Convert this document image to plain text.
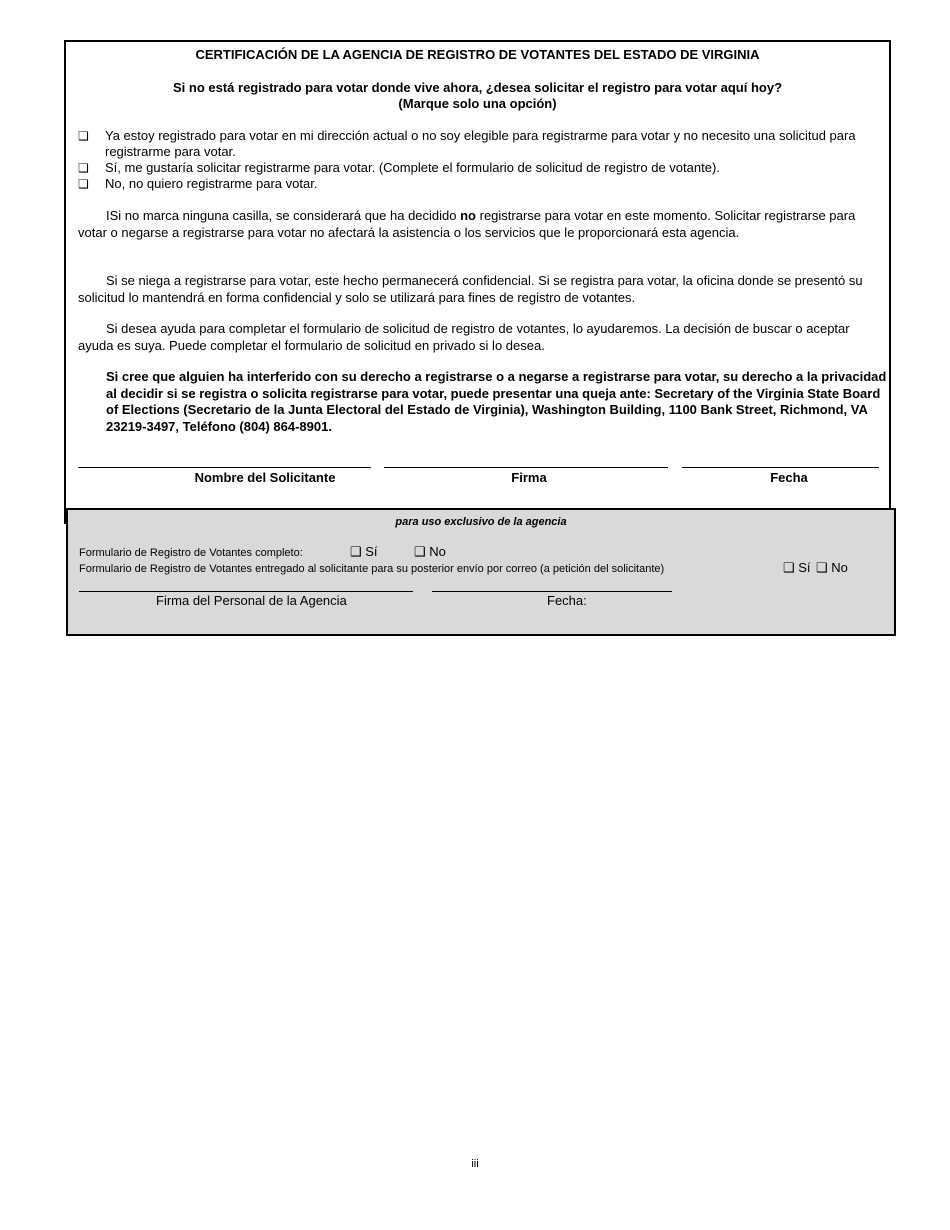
CERTIFICACIÓN DE LA AGENCIA DE REGISTRO DE VOTANTES DEL ESTADO DE VIRGINIA
Si no está registrado para votar donde vive ahora, ¿desea solicitar el registro para votar aquí hoy?
(Marque solo una opción)
❑	Ya estoy registrado para votar en mi dirección actual o no soy elegible para registrarme para votar y no necesito una solicitud para registrarme para votar.
❑	Sí, me gustaría solicitar registrarme para votar. (Complete el formulario de solicitud de registro de votante).
❑	No, no quiero registrarme para votar.
ISi no marca ninguna casilla, se considerará que ha decidido no registrarse para votar en este momento. Solicitar registrarse para votar o negarse a registrarse para votar no afectará la asistencia o los servicios que le proporcionará esta agencia.
Si se niega a registrarse para votar, este hecho permanecerá confidencial. Si se registra para votar, la oficina donde se presentó su solicitud lo mantendrá en forma confidencial y solo se utilizará para fines de registro de votantes.
Si desea ayuda para completar el formulario de solicitud de registro de votantes, lo ayudaremos. La decisión de buscar o aceptar ayuda es suya. Puede completar el formulario de solicitud en privado si lo desea.
Si cree que alguien ha interferido con su derecho a registrarse o a negarse a registrarse para votar, su derecho a la privacidad al decidir si se registra o solicita registrarse para votar, puede presentar una queja ante: Secretary of the Virginia State Board of Elections (Secretario de la Junta Electoral del Estado de Virginia), Washington Building, 1100 Bank Street, Richmond, VA 23219-3497, Teléfono (804) 864-8901.
Nombre del Solicitante	Firma	Fecha
para uso exclusivo de la agencia
Formulario de Registro de Votantes completo:	❑ Sí	❑ No
Formulario de Registro de Votantes entregado al solicitante para su posterior envío por correo (a petición del solicitante)	❑ Sí ❑ No
Firma del Personal de la Agencia	Fecha:
iii
